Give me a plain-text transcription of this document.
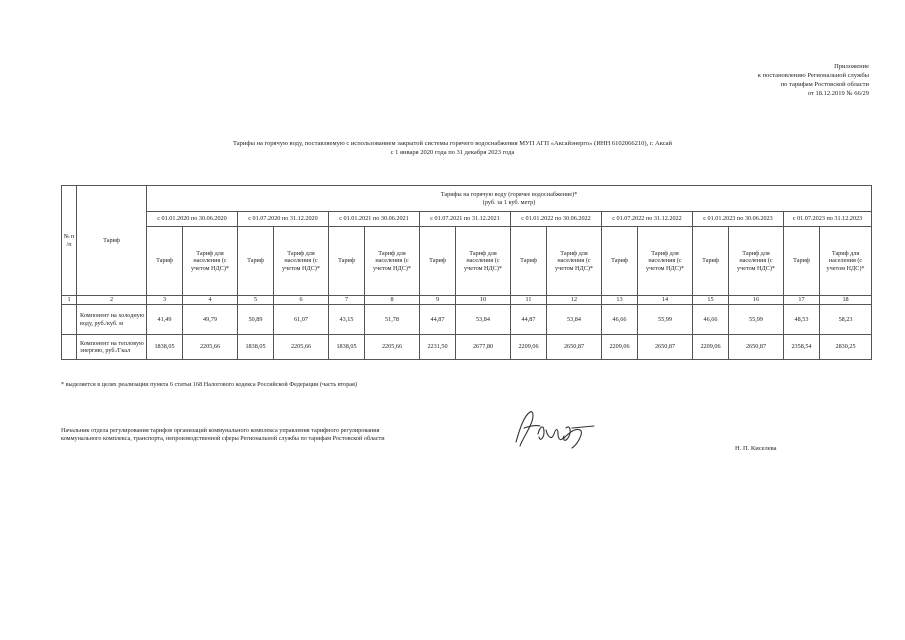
Приложение
к постановлению Региональной службы
по тарифам Ростовской области
от 18.12.2019 № 66/29
Тарифы на горячую воду, поставляемую с использованием закрытой системы горячего водоснабжения МУП АГП «Аксайэнерго» (ИНН 6102066210), г. Аксай
с 1 января 2020 года по 31 декабря 2023 года
№ п /п	Тариф	Тарифы на горячую воду (горячее водоснабжение)*
(руб. за 1 куб. метр)															

		с 01.01.2020 по 30.06.2020		с 01.07.2020 по 31.12.2020		с 01.01.2021 по 30.06.2021		с 01.07.2021 по 31.12.2021		с 01.01.2022 по 30.06.2022		с 01.07.2022 по 31.12.2022		с 01.01.2023 по 30.06.2023		с 01.07.2023 по 31.12.2023	
		Тариф	Тариф для населения (с учетом НДС)*	Тариф	Тариф для населения (с учетом НДС)*	Тариф	Тариф для населения (с учетом НДС)*	Тариф	Тариф для населения (с учетом НДС)*	Тариф	Тариф для населения (с учетом НДС)*	Тариф	Тариф для населения (с учетом НДС)*	Тариф	Тариф для населения (с учетом НДС)*	Тариф	Тариф для населения (с учетом НДС)*
1	2	3	4	5	6	7	8	9	10	11	12	13	14	15	16	17	18
	Компонент на холодную воду, руб./куб. м	41,49	49,79	50,89	61,07	43,15	51,78	44,87	53,84	44,87	53,84	46,66	55,99	46,66	55,99	48,53	58,23
	Компонент на тепловую энергию, руб./Гкал	1838,05	2205,66	1838,05	2205,66	1838,05	2205,66	2231,50	2677,80	2209,06	2650,87	2209,06	2650,87	2209,06	2650,87	2358,54	2830,25
* выделяется в целях реализации пункта 6 статьи 168 Налогового кодекса Российской Федерации (часть вторая)
Начальник отдела регулирования тарифов организаций коммунального комплекса управления тарифного регулирования коммунального комплекса, транспорта, непроизводственной сферы Региональной службы по тарифам Ростовской области
Н. П. Киселева
